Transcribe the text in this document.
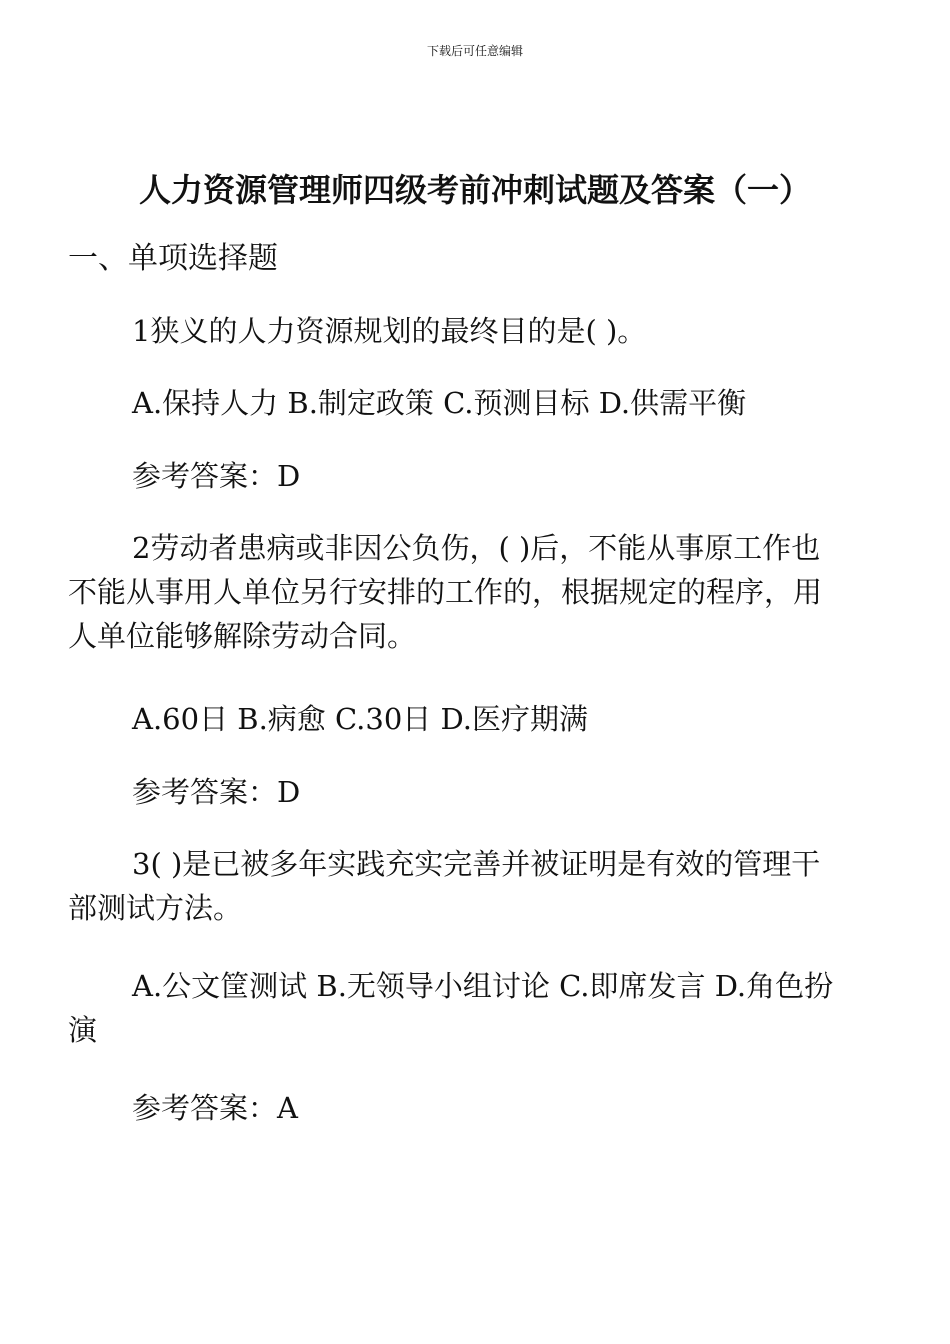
下载后可任意编辑
人力资源管理师四级考前冲刺试题及答案（一）
一、单项选择题
1狭义的人力资源规划的最终目的是( )。
A.保持人力 B.制定政策 C.预测目标 D.供需平衡
参考答案：D
2劳动者患病或非因公负伤，( )后，不能从事原工作也不能从事用人单位另行安排的工作的，根据规定的程序，用人单位能够解除劳动合同。
A.60日 B.病愈 C.30日 D.医疗期满
参考答案：D
3( )是已被多年实践充实完善并被证明是有效的管理干部测试方法。
A.公文筐测试 B.无领导小组讨论 C.即席发言 D.角色扮演
参考答案：A
